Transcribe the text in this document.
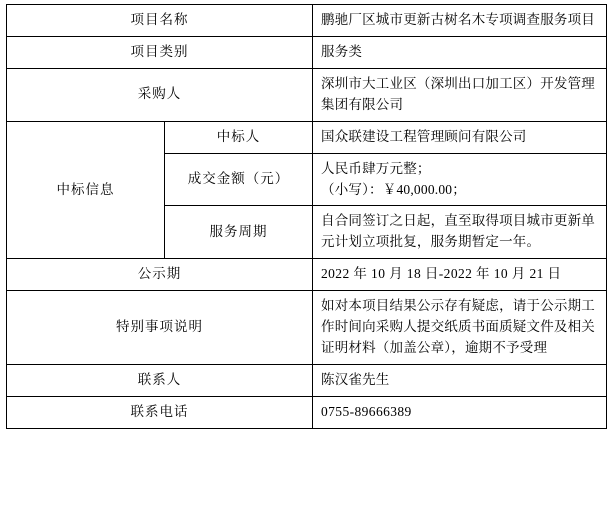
项目名称		鹏驰厂区城市更新古树名木专项调查服务项目
项目类别		服务类
采购人		深圳市大工业区（深圳出口加工区）开发管理集团有限公司
中标信息	中标人	国众联建设工程管理顾问有限公司
	成交金额（元）	人民币肆万元整；
（小写）：￥40,000.00；

	服务周期	自合同签订之日起，直至取得项目城市更新单元计划立项批复，服务期暂定一年。
公示期		2022 年 10 月 18 日-2022 年 10 月 21 日
特别事项说明		如对本项目结果公示存有疑虑，请于公示期工作时间向采购人提交纸质书面质疑文件及相关证明材料（加盖公章），逾期不予受理
联系人		陈汉雀先生
联系电话		0755-89666389
